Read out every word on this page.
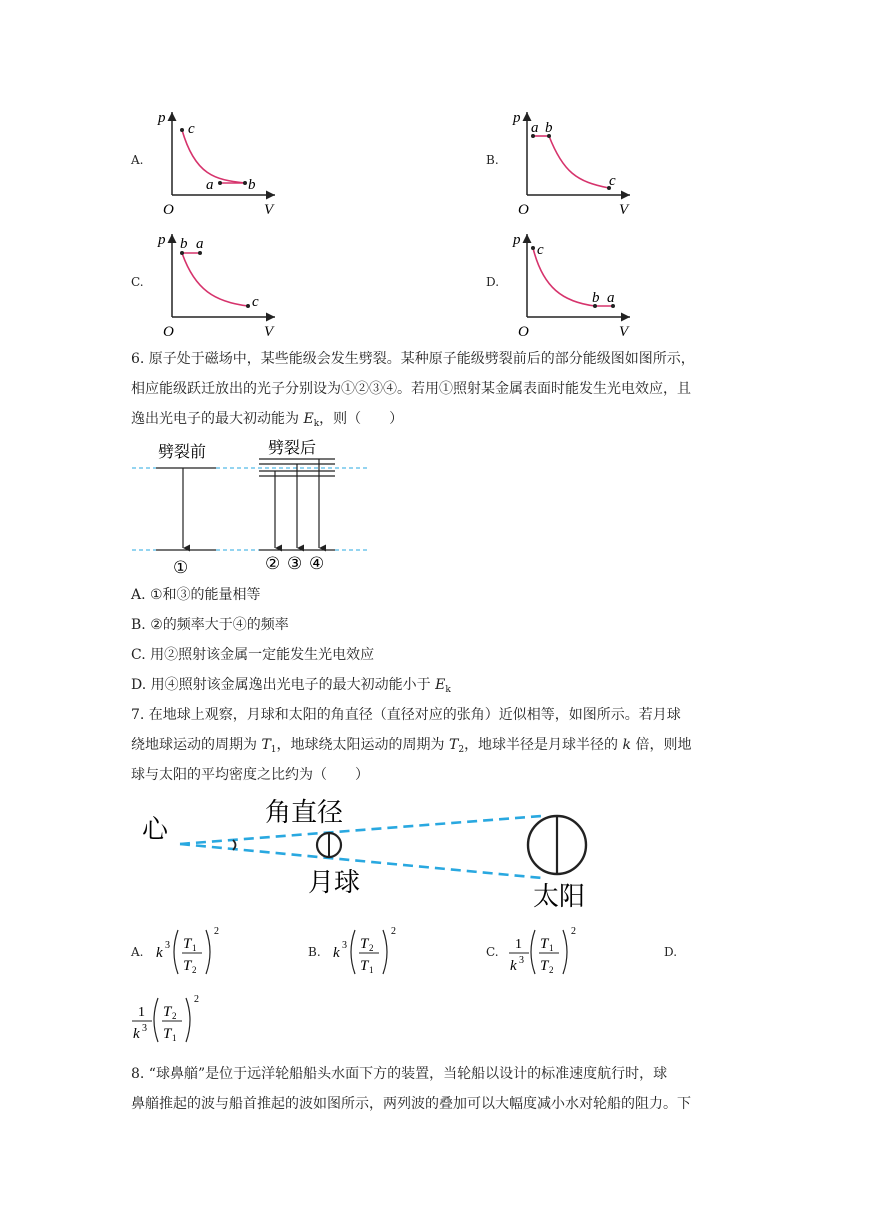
A.	B.
C.	D.
p
V
O
c
a b
p
V
O
a b
c
p
V
O
b a
c
p
V
O
c
b a
6. 原子处于磁场中，某些能级会发生劈裂。某种原子能级劈裂前后的部分能级图如图所示，
相应能级跃迁放出的光子分别设为①②③④。若用①照射某金属表面时能发生光电效应，且
逸出光电子的最大初动能为 $E_k$，则（　　）
劈裂前	劈裂后
①	② ③ ④
A. ①和③的能量相等
B. ②的频率大于④的频率
C. 用②照射该金属一定能发生光电效应
D. 用④照射该金属逸出光电子的最大初动能小于 $E_k$
7. 在地球上观察，月球和太阳的角直径（直径对应的张角）近似相等，如图所示。若月球
绕地球运动的周期为 $T_1$，地球绕太阳运动的周期为 $T_2$，地球半径是月球半径的 k 倍，则地
球与太阳的平均密度之比约为（　　）
心
角直径
月球	太阳
A. k 3 T 1
T 2
2
B. k 3 T 2
T 1
2
C. 1
k 3
T 1
T 2
2
D.
1
k 3
T 2
T 1
2
8. “球鼻艏”是位于远洋轮船船头水面下方的装置，当轮船以设计的标准速度航行时，球
鼻艏推起的波与船首推起的波如图所示，两列波的叠加可以大幅度减小水对轮船的阻力。下
